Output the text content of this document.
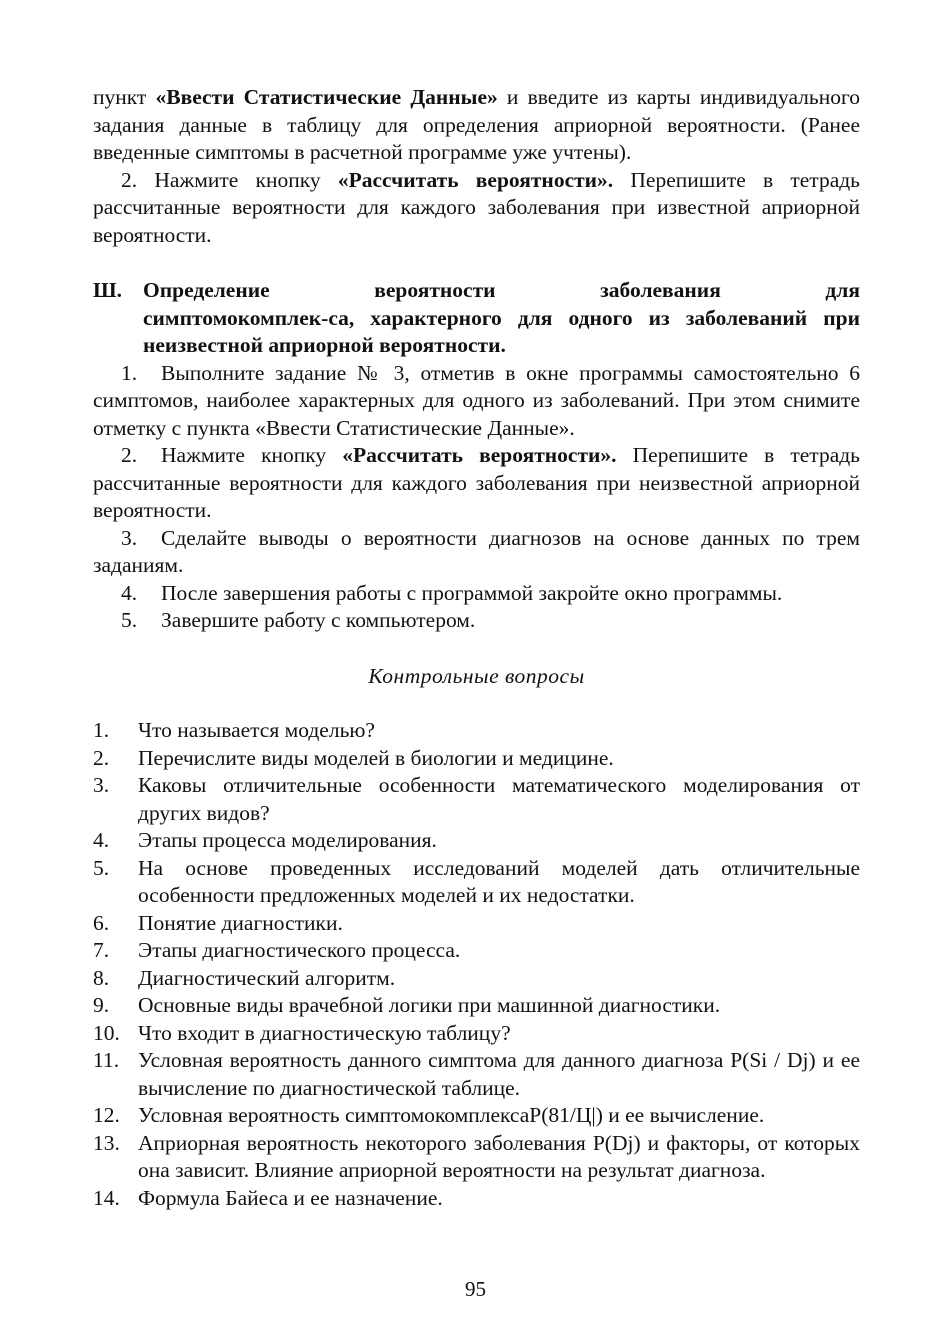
пункт «Ввести Статистические Данные» и введите из карты индивидуального задания данные в таблицу для определения априорной вероятности. (Ранее введенные симптомы в расчетной программе уже учтены).

2. Нажмите кнопку «Рассчитать вероятности». Перепишите в тетрадь рассчитанные вероятности для каждого заболевания при известной априорной вероятности.

Ш. Определение вероятности заболевания для
симптомокомплек-са, характерного для одного из заболеваний при неизвестной априорной вероятности.

1. Выполните задание № 3, отметив в окне программы самостоятельно 6 симптомов, наиболее характерных для одного из заболеваний. При этом снимите отметку с пункта «Ввести Статистические Данные».

2. Нажмите кнопку «Рассчитать вероятности». Перепишите в тетрадь рассчитанные вероятности для каждого заболевания при неизвестной априорной вероятности.

3. Сделайте выводы о вероятности диагнозов на основе данных по трем заданиям.

4. После завершения работы с программой закройте окно программы.

5. Завершите работу с компьютером.

Контрольные вопросы
1. Что называется моделью?
2. Перечислите виды моделей в биологии и медицине.
3. Каковы отличительные особенности математического моделирования от других видов?
4. Этапы процесса моделирования.
5. На основе проведенных исследований моделей дать отличительные особенности предложенных моделей и их недостатки.
6. Понятие диагностики.
7. Этапы диагностического процесса.
8. Диагностический алгоритм.
9. Основные виды врачебной логики при машинной диагностики.
10. Что входит в диагностическую таблицу?
11. Условная вероятность данного симптома для данного диагноза P(Si / Dj) и ее вычисление по диагностической таблице.
12. Условная вероятность симптомокомплексаP(81/Ц|) и ее вычисление.
13. Априорная вероятность некоторого заболевания P(Dj) и факторы, от которых она зависит. Влияние априорной вероятности на результат диагноза.
14. Формула Байеса и ее назначение.
95
